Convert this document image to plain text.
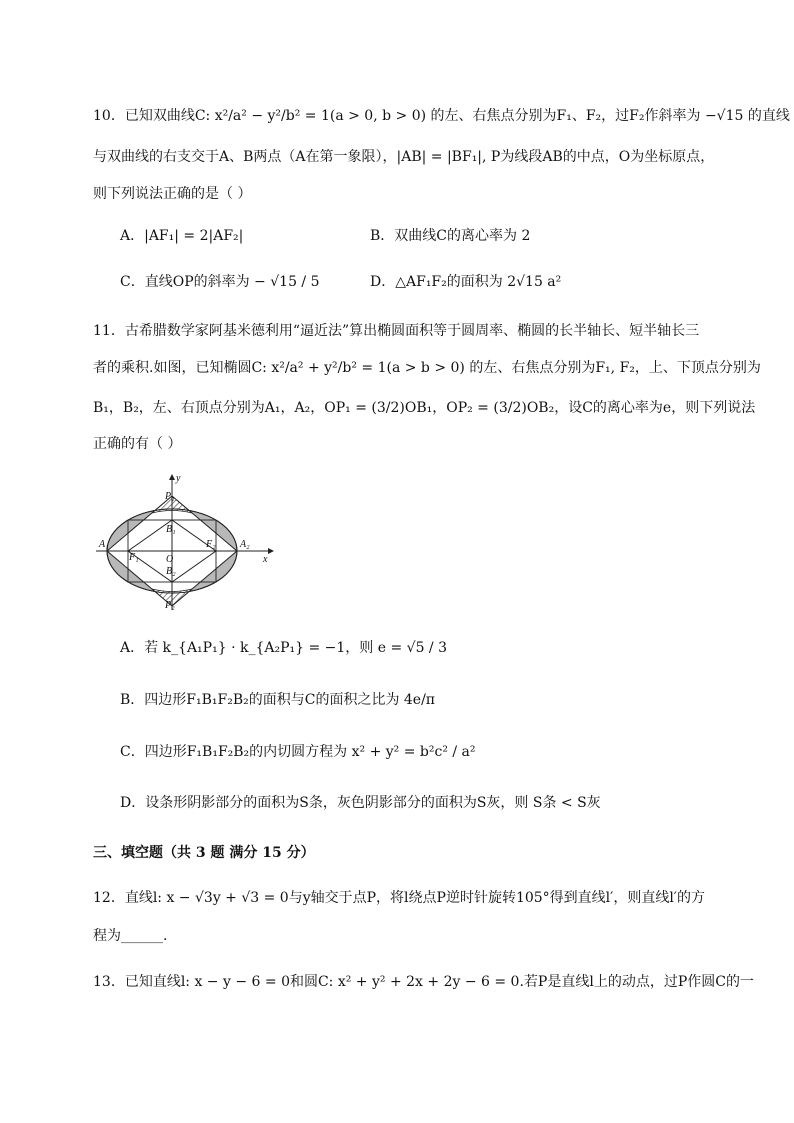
10．已知双曲线C: x²/a² − y²/b² = 1(a > 0, b > 0) 的左、右焦点分别为F₁、F₂，过F₂作斜率为 −√15 的直线
与双曲线的右支交于A、B两点（A在第一象限），|AB| = |BF₁|, P为线段AB的中点，O为坐标原点，
则下列说法正确的是（ ）
A．|AF₁| = 2|AF₂|	B．双曲线C的离心率为 2
C．直线OP的斜率为 − √15 / 5	D．△AF₁F₂的面积为 2√15 a²
11．古希腊数学家阿基米德利用“逼近法”算出椭圆面积等于圆周率、椭圆的长半轴长、短半轴长三
者的乘积.如图，已知椭圆C: x²/a² + y²/b² = 1(a > b > 0) 的左、右焦点分别为F₁, F₂，上、下顶点分别为
B₁，B₂，左、右顶点分别为A₁，A₂，OP₁ = (3/2)OB₁，OP₂ = (3/2)OB₂，设C的离心率为e，则下列说法
正确的有（ ）
y
x
O
A₁	A₂
F₁
F₂
B₁
B₂
P₁
P₂
A．若 k_{A₁P₁} · k_{A₂P₁} = −1，则 e = √5 / 3
B．四边形F₁B₁F₂B₂的面积与C的面积之比为 4e/π
C．四边形F₁B₁F₂B₂的内切圆方程为 x² + y² = b²c² / a²
D．设条形阴影部分的面积为S条，灰色阴影部分的面积为S灰，则 S条 < S灰
三、填空题（共 3 题 满分 15 分）
12．直线l: x − √3y + √3 = 0与y轴交于点P，将l绕点P逆时针旋转105°得到直线l′，则直线l′的方
程为______.
13．已知直线l: x − y − 6 = 0和圆C: x² + y² + 2x + 2y − 6 = 0.若P是直线l上的动点，过P作圆C的一
